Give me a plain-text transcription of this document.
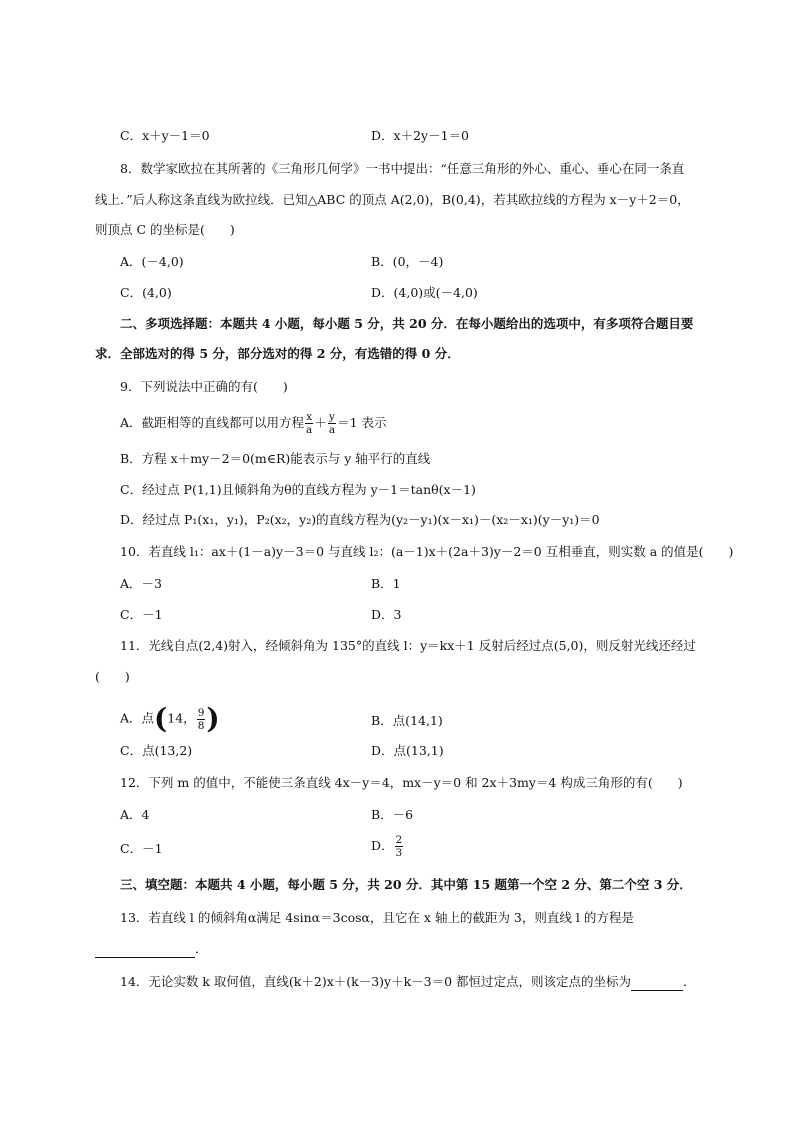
C．x＋y－1＝0	D．x＋2y－1＝0
8．数学家欧拉在其所著的《三角形几何学》一书中提出：“任意三角形的外心、重心、垂心在同一条直
线上．”后人称这条直线为欧拉线．已知△ABC 的顶点 A(2,0)，B(0,4)，若其欧拉线的方程为 x－y＋2＝0，
则顶点 C 的坐标是(　　)
A．(－4,0)	B．(0，－4)
C．(4,0)	D．(4,0)或(－4,0)
二、多项选择题：本题共 4 小题，每小题 5 分，共 20 分．在每小题给出的选项中，有多项符合题目要
求．全部选对的得 5 分，部分选对的得 2 分，有选错的得 0 分．
9．下列说法中正确的有(　　)
A．截距相等的直线都可以用方程 $\frac{x}{a} + \frac{y}{a} =1$ 表示
B．方程 x＋my－2＝0(m∈R)能表示与 y 轴平行的直线
C．经过点 P(1,1)且倾斜角为θ的直线方程为 y－1＝tanθ(x－1)
D．经过点 P₁(x₁，y₁)，P₂(x₂，y₂)的直线方程为(y₂－y₁)(x－x₁)－(x₂－x₁)(y－y₁)＝0
10．若直线 l₁：ax＋(1－a)y－3＝0 与直线 l₂：(a－1)x＋(2a＋3)y－2＝0 互相垂直，则实数 a 的值是(　　)
A．－3	B．1
C．－1	D．3
11．光线自点(2,4)射入，经倾斜角为 135°的直线 l：y＝kx＋1 反射后经过点(5,0)，则反射光线还经过
(　　)
A．点(14， $\frac{9}{8}$ )	B．点(14,1)
C．点(13,2)	D．点(13,1)
12．下列 m 的值中，不能使三条直线 4x－y＝4，mx－y＝0 和 2x＋3my＝4 构成三角形的有(　　)
A．4	B．－6
C．－1	D． $\frac{2}{3}$
三、填空题：本题共 4 小题，每小题 5 分，共 20 分．其中第 15 题第一个空 2 分、第二个空 3 分．
13．若直线 l 的倾斜角α满足 4sinα＝3cosα，且它在 x 轴上的截距为 3，则直线 l 的方程是
．
14．无论实数 k 取何值，直线(k＋2)x＋(k－3)y＋k－3＝0 都恒过定点，则该定点的坐标为	．
